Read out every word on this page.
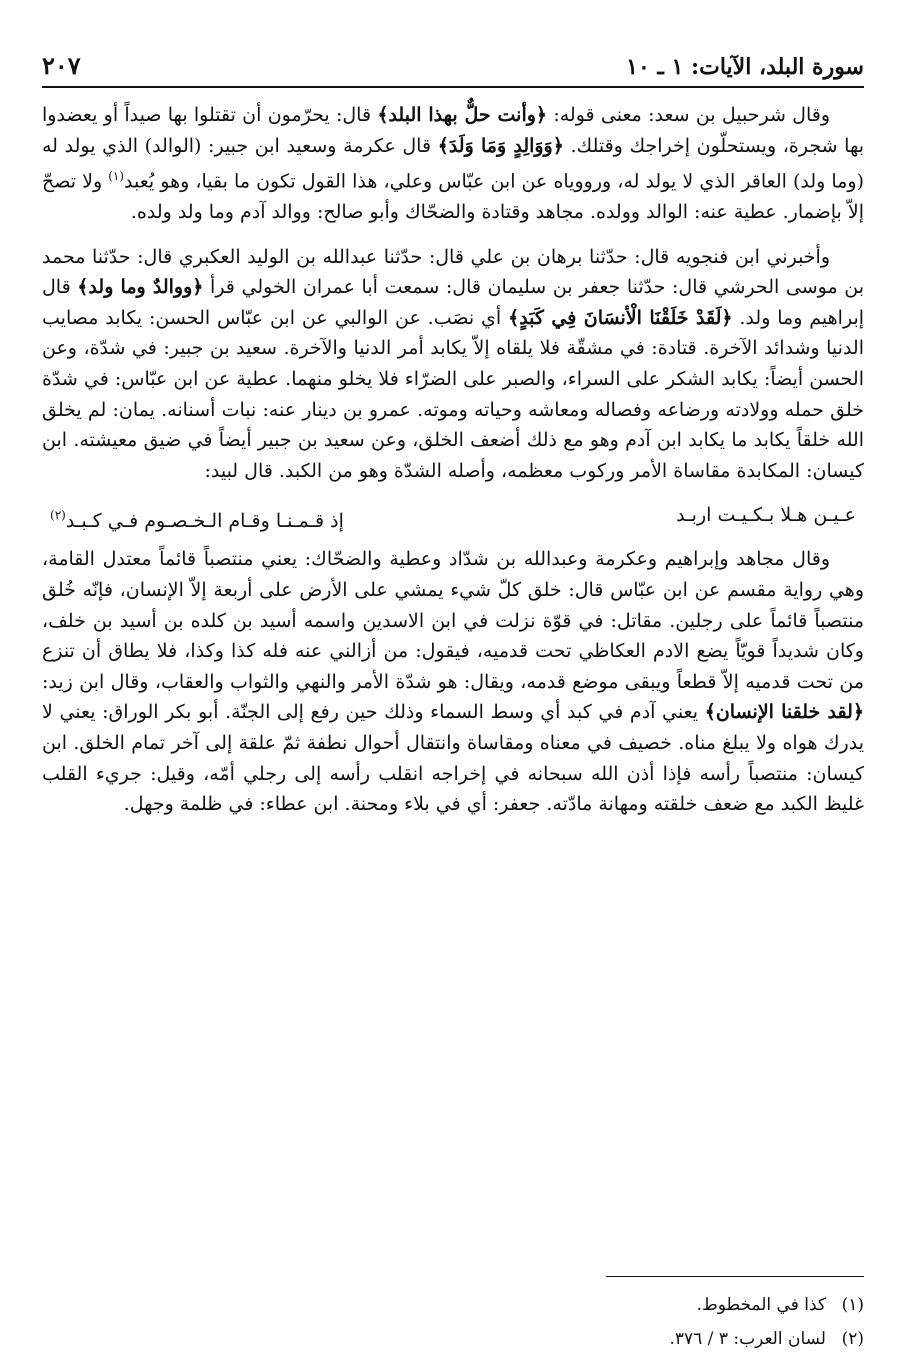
سورة البلد، الآيات: ١ ـ ١٠
٢٠٧

وقال شرحبيل بن سعد: معنى قوله: ﴿وأنت حلٌّ بهذا البلد﴾ قال: يحرّمون أن تقتلوا بها صيداً أو يعضدوا بها شجرة، ويستحلّون إخراجك وقتلك. ﴿وَوَالِدٍ وَمَا وَلَدَ﴾ قال عكرمة وسعيد ابن جبير: (الوالد) الذي يولد له (وما ولد) العاقر الذي لا يولد له، ورووياه عن ابن عبّاس وعلي، هذا القول تكون ما بقيا، وهو يُعبد$^{(١)}$ ولا تصحّ إلاّ بإضمار. عطية عنه: الوالد وولده. مجاهد وقتادة والضحّاك وأبو صالح: ووالد آدم وما ولد ولده.

وأخبرني ابن فنجويه قال: حدّثنا برهان بن علي قال: حدّثنا عبدالله بن الوليد العكبري قال: حدّثنا محمد بن موسى الحرشي قال: حدّثنا جعفر بن سليمان قال: سمعت أبا عمران الخولي قرأ ﴿ووالدٌ وما ولد﴾ قال إبراهيم وما ولد. ﴿لَقَدْ خَلَقْنَا الْأنسَانَ فِي كَبَدٍ﴾ أي نصَب. عن الوالبي عن ابن عبّاس الحسن: يكابد مصايب الدنيا وشدائد الآخرة. قتادة: في مشقّة فلا يلقاه إلاّ يكابد أمر الدنيا والآخرة. سعيد بن جبير: في شدّة، وعن الحسن أيضاً: يكابد الشكر على السراء، والصبر على الضرّاء فلا يخلو منهما. عطية عن ابن عبّاس: في شدّة خلق حمله وولادته ورضاعه وفصاله ومعاشه وحياته وموته. عمرو بن دينار عنه: نبات أسنانه. يمان: لم يخلق الله خلقاً يكابد ما يكابد ابن آدم وهو مع ذلك أضعف الخلق، وعن سعيد بن جبير أيضاً في ضيق معيشته. ابن كيسان: المكابدة مقاساة الأمر وركوب معظمه، وأصله الشدّة وهو من الكبد. قال لبيد:

عـيـن هـلا بـكـيـت اربـد
إذ قـمـنـا وقـام الـخـصـوم فـي كـبـد$^{(٢)}$

وقال مجاهد وإبراهيم وعكرمة وعبدالله بن شدّاد وعطية والضحّاك: يعني منتصباً قائماً معتدل القامة، وهي رواية مقسم عن ابن عبّاس قال: خلق كلّ شيء يمشي على الأرض على أربعة إلاّ الإنسان، فإنّه خُلق منتصباً قائماً على رجلين. مقاتل: في قوّة نزلت في ابن الاسدين واسمه أسيد بن كلده بن أسيد بن خلف، وكان شديداً قويّاً يضع الادم العكاظي تحت قدميه، فيقول: من أزالني عنه فله كذا وكذا، فلا يطاق أن تنزع من تحت قدميه إلاّ قطعاً ويبقى موضع قدمه، ويقال: هو شدّة الأمر والنهي والثواب والعقاب، وقال ابن زيد: ﴿لقد خلقنا الإنسان﴾ يعني آدم في كبد أي وسط السماء وذلك حين رفع إلى الجنّة. أبو بكر الوراق: يعني لا يدرك هواه ولا يبلغ مناه. خصيف في معناه ومقاساة وانتقال أحوال نطفة ثمّ علقة إلى آخر تمام الخلق. ابن كيسان: منتصباً رأسه فإذا أذن الله سبحانه في إخراجه انقلب رأسه إلى رجلي أمّه، وقيل: جريء القلب غليظ الكبد مع ضعف خلقته ومهانة مادّته. جعفر: أي في بلاء ومحنة. ابن عطاء: في ظلمة وجهل.

(١)كذا في المخطوط.
(٢)لسان العرب: ٣ / ٣٧٦.
